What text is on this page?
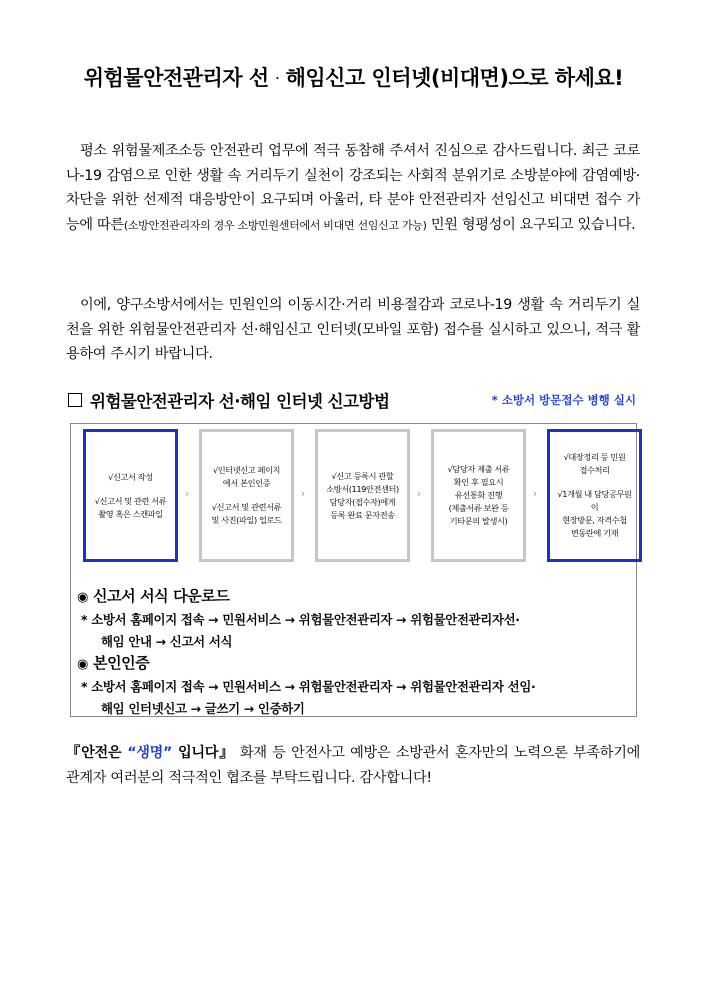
위험물안전관리자 선 · 해임신고 인터넷(비대면)으로 하세요!

평소 위험물제조소등 안전관리 업무에 적극 동참해 주셔서 진심으로 감사드립니다. 최근 코로나-19 감염으로 인한 생활 속 거리두기 실천이 강조되는 사회적 분위기로 소방분야에 감염예방·차단을 위한 선제적 대응방안이 요구되며 아울러, 타 분야 안전관리자 선임신고 비대면 접수 가능에 따른(소방안전관리자의 경우 소방민원센터에서 비대면 선임신고 가능) 민원 형평성이 요구되고 있습니다.

이에, 양구소방서에서는 민원인의 이동시간·거리 비용절감과 코로나-19 생활 속 거리두기 실천을 위한 위험물안전관리자 선·해임신고 인터넷(모바일 포함) 접수를 실시하고 있으니, 적극 활용하여 주시기 바랍니다.

위험물안전관리자 선·해임 인터넷 신고방법	* 소방서 방문접수 병행 실시
√신고서 작성
√신고서 및 관련 서류
촬영 혹은 스캔파일
›
√인터넷신고 페이지
에서 본인인증
√신고서 및 관련서류
및 사진(파일) 업로드
›
√신고 등록시 관할
소방서(119안전센터)
담당자(접수자)에게
등록 완료 문자전송
›
√담당자 제출 서류
확인 후 필요시
유선통화 진행
(제출서류 보완 등
기타문의 발생시)
›
√대장정리 등 민원
접수처리
√1개월 내 담당공무원이
현장방문, 자격수첩
변동란에 기재
◉ 신고서 서식 다운로드
* 소방서 홈페이지 접속 → 민원서비스 → 위험물안전관리자 → 위험물안전관리자선·
해임 안내 → 신고서 서식
◉ 본인인증
* 소방서 홈페이지 접속 → 민원서비스 → 위험물안전관리자 → 위험물안전관리자 선임·
해임 인터넷신고 → 글쓰기 → 인증하기
『안전은 “생명” 입니다』 화재 등 안전사고 예방은 소방관서 혼자만의 노력으론 부족하기에 관계자 여러분의 적극적인 협조를 부탁드립니다. 감사합니다!
